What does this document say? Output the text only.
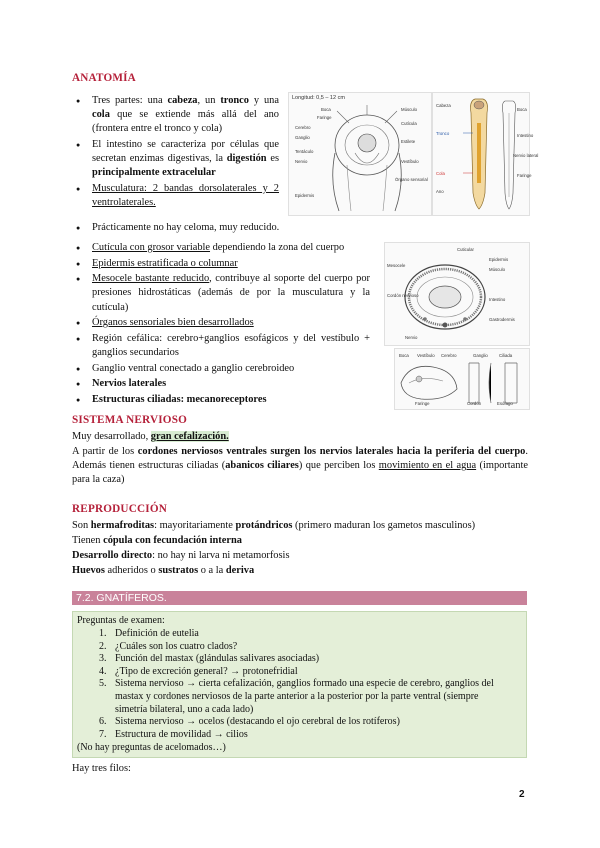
ANATOMÍA
● Tres partes: una cabeza, un tronco y una cola que se extiende más allá del ano (frontera entre el tronco y cola)
● El intestino se caracteriza por células que secretan enzimas digestivas, la digestión es principalmente extracelular
● Musculatura: 2 bandas dorsolaterales y 2 ventrolaterales.
● Prácticamente no hay celoma, muy reducido.
● Cutícula con grosor variable dependiendo la zona del cuerpo
● Epidermis estratificada o columnar
● Mesocele bastante reducido, contribuye al soporte del cuerpo por presiones hidrostáticas (además de por la musculatura y la cutícula)
● Órganos sensoriales bien desarrollados
● Región cefálica: cerebro+ganglios esofágicos y del vestíbulo + ganglios secundarios
● Ganglio ventral conectado a ganglio cerebroideo
● Nervios laterales
● Estructuras ciliadas: mecanoreceptores
Longitud: 0,5 – 12 cm
Boca
Faringe
Cerebro
Ganglio
Tentáculo
Nervio
Epidermis
Músculo
Cutícula
Estilete
Vestíbulo
Órgano sensorial
Cabeza
Tronco
Cola
Ano
Boca
Intestino
Nervio lateral
Faringe
Cuticular
Epidermis
Músculo
Mesocele
Cordón nervioso
Intestino
Gastrodermis
Nervio
Boca Vestíbulo Cerebro	Ganglio	Ciliada
Faringe	Cordón	Esófago
SISTEMA NERVIOSO
Muy desarrollado, gran cefalización.
A partir de los cordones nerviosos ventrales surgen los nervios laterales hacia la periferia del cuerpo. Además tienen estructuras ciliadas (abanicos ciliares) que perciben los movimiento en el agua (importante para la caza)
REPRODUCCIÓN
Son hermafroditas: mayoritariamente protándricos (primero maduran los gametos masculinos)
Tienen cópula con fecundación interna
Desarrollo directo: no hay ni larva ni metamorfosis
Huevos adheridos o sustratos o a la deriva
7.2. GNATÍFEROS.
Preguntas de examen:
1. Definición de eutelia
2. ¿Cuáles son los cuatro clados?
3. Función del mastax (glándulas salivares asociadas)
4. ¿Tipo de excreción general? → protonefridial
5. Sistema nervioso → cierta cefalización, ganglios formado una especie de cerebro, ganglios del mastax y cordones nerviosos de la parte anterior a la posterior por la parte ventral (siempre simetría bilateral, uno a cada lado)
6. Sistema nervioso → ocelos (destacando el ojo cerebral de los rotíferos)
7. Estructura de movilidad → cilios
(No hay preguntas de acelomados…)
Hay tres filos:
2
